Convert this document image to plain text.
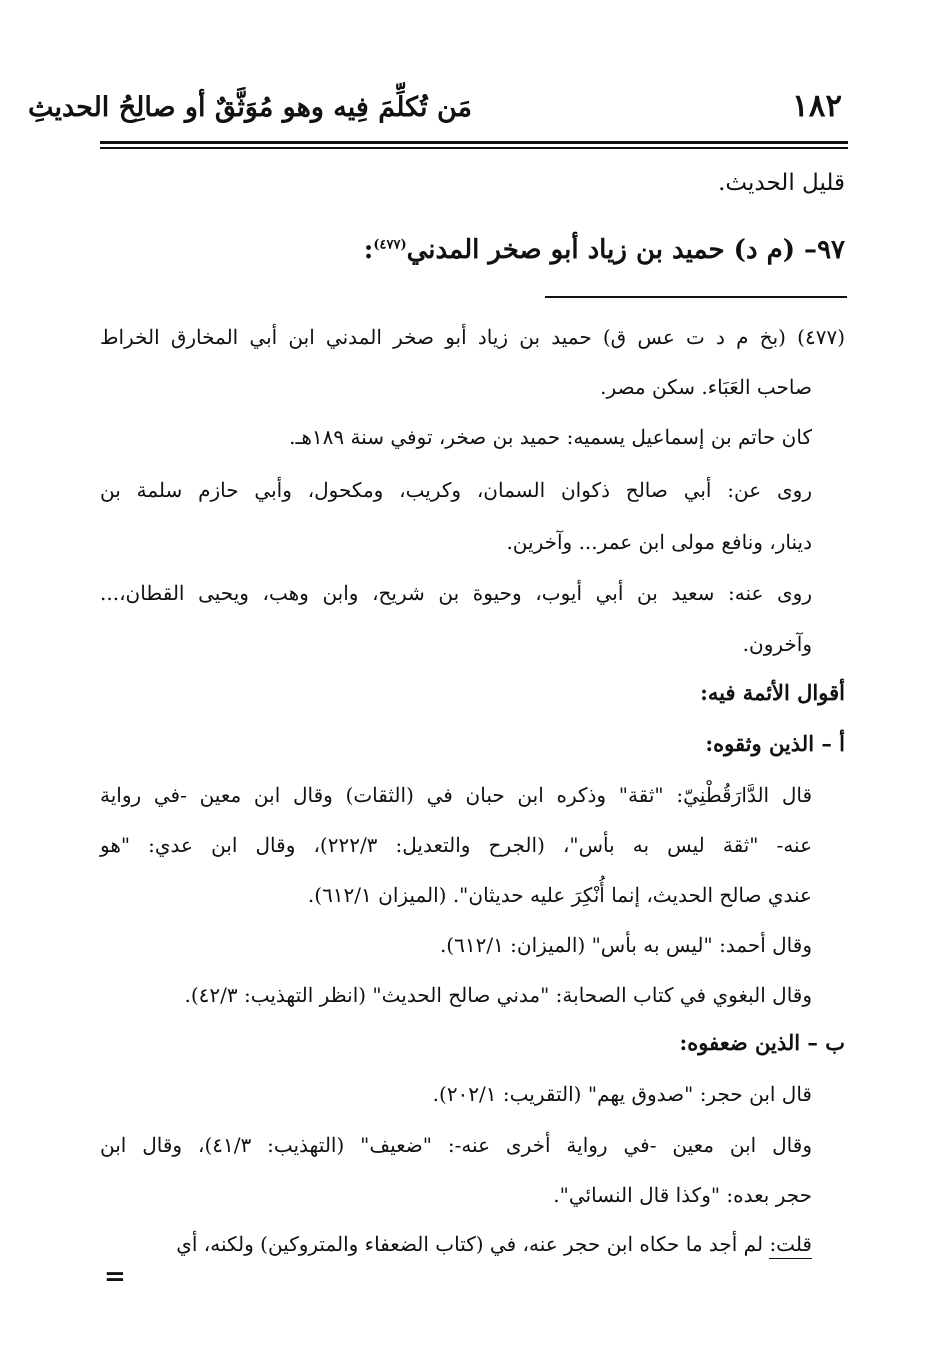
١٨٢
مَن تُكلِّمَ فِيه وهو مُوَثَّقٌ أو صالِحُ الحديثِ
قليل الحديث.
٩٧– (م د) حميد بن زياد أبو صخر المدني$^{(٤٧٧)}$:
(٤٧٧) (بخ م د ت عس ق) حميد بن زياد أبو صخر المدني ابن أبي المخارق الخراط
صاحب العَبَاء. سكن مصر.
كان حاتم بن إسماعيل يسميه: حميد بن صخر، توفي سنة ١٨٩هـ.
روى عن: أبي صالح ذكوان السمان، وكريب، ومكحول، وأبي حازم سلمة بن
دينار، ونافع مولى ابن عمر... وآخرين.
روى عنه: سعيد بن أبي أيوب، وحيوة بن شريح، وابن وهب، ويحيى القطان،...
وآخرون.
أقوال الأئمة فيه:
أ – الذين وثقوه:
قال الدَّارَقُطْنِيّ: "ثقة" وذكره ابن حبان في (الثقات) وقال ابن معين -في رواية
عنه- "ثقة ليس به بأس"، (الجرح والتعديل: ٢٢٢/٣)، وقال ابن عدي: "هو
عندي صالح الحديث، إنما أُنْكِرَ عليه حديثان". (الميزان ٦١٢/١).
وقال أحمد: "ليس به بأس" (الميزان: ٦١٢/١).
وقال البغوي في كتاب الصحابة: "مدني صالح الحديث" (انظر التهذيب: ٤٢/٣).
ب – الذين ضعفوه:
قال ابن حجر: "صدوق يهم" (التقريب: ٢٠٢/١).
وقال ابن معين -في رواية أخرى عنه-: "ضعيف" (التهذيب: ٤١/٣)، وقال ابن
حجر بعده: "وكذا قال النسائي".
قلت: لم أجد ما حكاه ابن حجر عنه، في (كتاب الضعفاء والمتروكين) ولكنه، أي
=
